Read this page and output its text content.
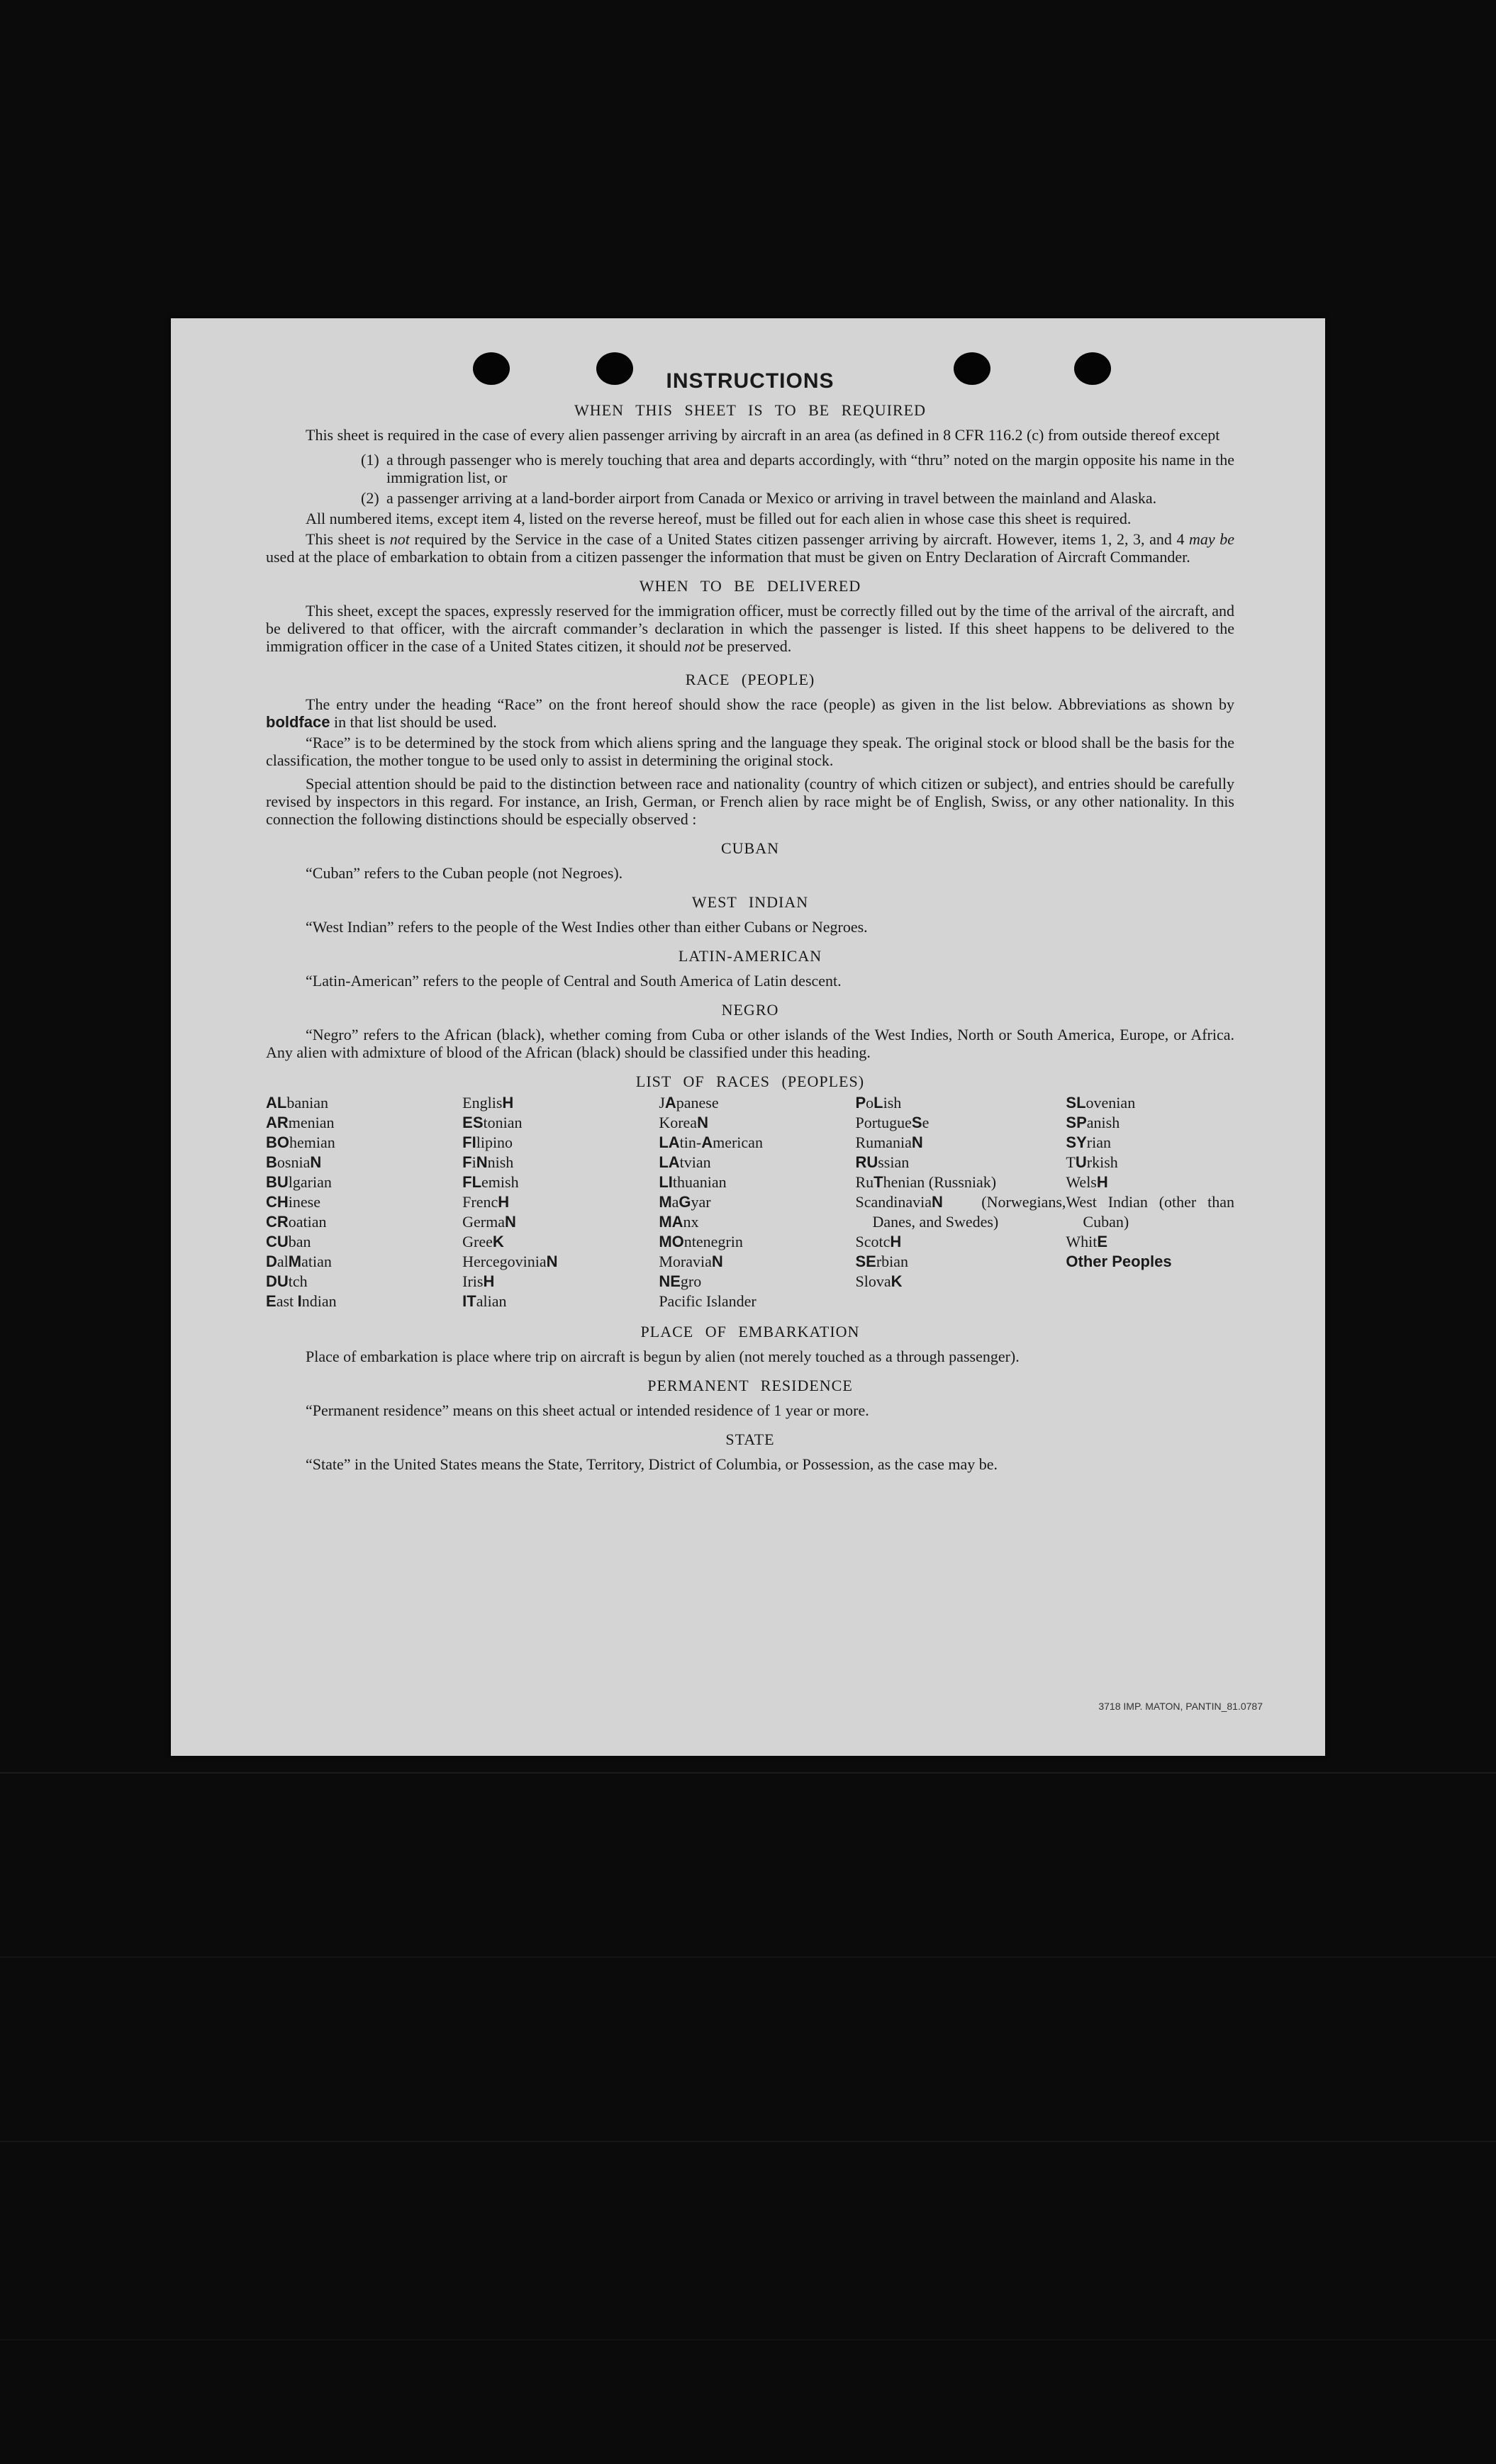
INSTRUCTIONS
WHEN THIS SHEET IS TO BE REQUIRED

This sheet is required in the case of every alien passenger arriving by aircraft in an area (as defined in 8 CFR 116.2 (c) from outside thereof except

(1) a through passenger who is merely touching that area and departs accordingly, with “thru” noted on the margin opposite his name in the immigration list, or

(2) a passenger arriving at a land-border airport from Canada or Mexico or arriving in travel between the mainland and Alaska.

All numbered items, except item 4, listed on the reverse hereof, must be filled out for each alien in whose case this sheet is required.

This sheet is not required by the Service in the case of a United States citizen passenger arriving by aircraft. However, items 1, 2, 3, and 4 may be used at the place of embarkation to obtain from a citizen passenger the information that must be given on Entry Declaration of Aircraft Commander.

WHEN TO BE DELIVERED

This sheet, except the spaces, expressly reserved for the immigration officer, must be correctly filled out by the time of the arrival of the aircraft, and be delivered to that officer, with the aircraft commander’s declaration in which the passenger is listed. If this sheet happens to be delivered to the immigration officer in the case of a United States citizen, it should not be preserved.

RACE (PEOPLE)

The entry under the heading “Race” on the front hereof should show the race (people) as given in the list below. Abbreviations as shown by boldface in that list should be used.

“Race” is to be determined by the stock from which aliens spring and the language they speak. The original stock or blood shall be the basis for the classification, the mother tongue to be used only to assist in determining the original stock.

Special attention should be paid to the distinction between race and nationality (country of which citizen or subject), and entries should be carefully revised by inspectors in this regard. For instance, an Irish, German, or French alien by race might be of English, Swiss, or any other nationality. In this connection the following distinctions should be especially observed :

CUBAN

“Cuban” refers to the Cuban people (not Negroes).

WEST INDIAN

“West Indian” refers to the people of the West Indies other than either Cubans or Negroes.

LATIN-AMERICAN

“Latin-American” refers to the people of Central and South America of Latin descent.

NEGRO

“Negro” refers to the African (black), whether coming from Cuba or other islands of the West Indies, North or South America, Europe, or Africa. Any alien with admixture of blood of the African (black) should be classified under this heading.

LIST OF RACES (PEOPLES)
ALbanian
ARmenian
BOhemian
BosniaN
BUlgarian
CHinese
CRoatian
CUban
DalMatian
DUtch
East Indian
EnglisH
EStonian
FIlipino
FiNnish
FLemish
FrencH
GermaN
GreeK
HercegoviniaN
IrisH
ITalian
JApanese
KoreaN
LAtin-American
LAtvian
LIthuanian
MaGyar
MAnx
MOntenegrin
MoraviaN
NEgro
Pacific Islander
PoLish
PortugueSe
RumaniaN
RUssian
RuThenian (Russniak)
ScandinaviaN (Norwegians, Danes, and Swedes)
ScotcH
SErbian
SlovaK
SLovenian
SPanish
SYrian
TUrkish
WelsH
West Indian (other than Cuban)
WhitE
Other Peoples
PLACE OF EMBARKATION

Place of embarkation is place where trip on aircraft is begun by alien (not merely touched as a through passenger).

PERMANENT RESIDENCE

“Permanent residence” means on this sheet actual or intended residence of 1 year or more.

STATE

“State” in the United States means the State, Territory, District of Columbia, or Possession, as the case may be.

3718 IMP. MATON, PANTIN_81.0787
